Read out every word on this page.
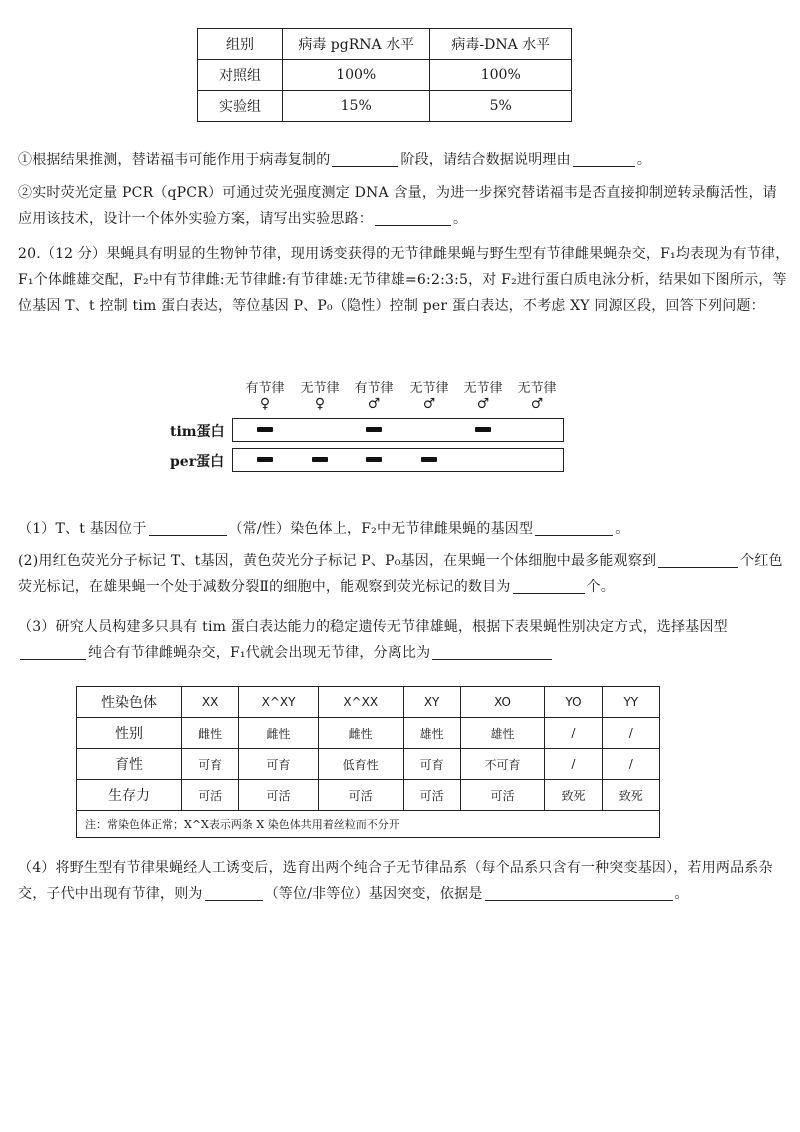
组别	病毒 pgRNA 水平	病毒-DNA 水平
对照组	100%	100%
实验组	15%	5%
①根据结果推测，替诺福韦可能作用于病毒复制的	阶段，请结合数据说明理由	。
②实时荧光定量 PCR（qPCR）可通过荧光强度测定 DNA 含量，为进一步探究替诺福韦是否直接抑制逆转录酶活性，请应用该技术，设计一个体外实验方案，请写出实验思路：	。
20.（12 分）果蝇具有明显的生物钟节律，现用诱变获得的无节律雌果蝇与野生型有节律雌果蝇杂交，F₁均表现为有节律，F₁个体雌雄交配，F₂中有节律雌:无节律雌:有节律雄:无节律雄=6:2:3:5，对 F₂进行蛋白质电泳分析，结果如下图所示，等位基因 T、t 控制 tim 蛋白表达，等位基因 P、P₀（隐性）控制 per 蛋白表达，不考虑 XY 同源区段，回答下列问题：
有节律
♀
无节律
♀
有节律
♂
无节律
♂
无节律
♂
无节律
♂
tim蛋白
per蛋白
（1）T、t 基因位于	（常/性）染色体上，F₂中无节律雌果蝇的基因型	。
(2)用红色荧光分子标记 T、t基因，黄色荧光分子标记 P、P₀基因，在果蝇一个体细胞中最多能观察到	个红色荧光标记，在雄果蝇一个处于减数分裂Ⅱ的细胞中，能观察到荧光标记的数目为	个。
（3）研究人员构建多只具有 tim 蛋白表达能力的稳定遗传无节律雄蝇，根据下表果蝇性别决定方式，选择基因型纯合有节律雌蝇杂交，F₁代就会出现无节律，分离比为
性染色体	XX	X^XY	X^XX	XY	XO	YO	YY
性别	雌性	雌性	雌性	雄性	雄性	/	/
育性	可育	可育	低育性	可育	不可育	/	/
生存力	可活	可活	可活	可活	可活	致死	致死
注：常染色体正常；X^X表示两条 X 染色体共用着丝粒而不分开							
（4）将野生型有节律果蝇经人工诱变后，选育出两个纯合子无节律品系（每个品系只含有一种突变基因），若用两品系杂交，子代中出现有节律，则为	（等位/非等位）基因突变，依据是	。
